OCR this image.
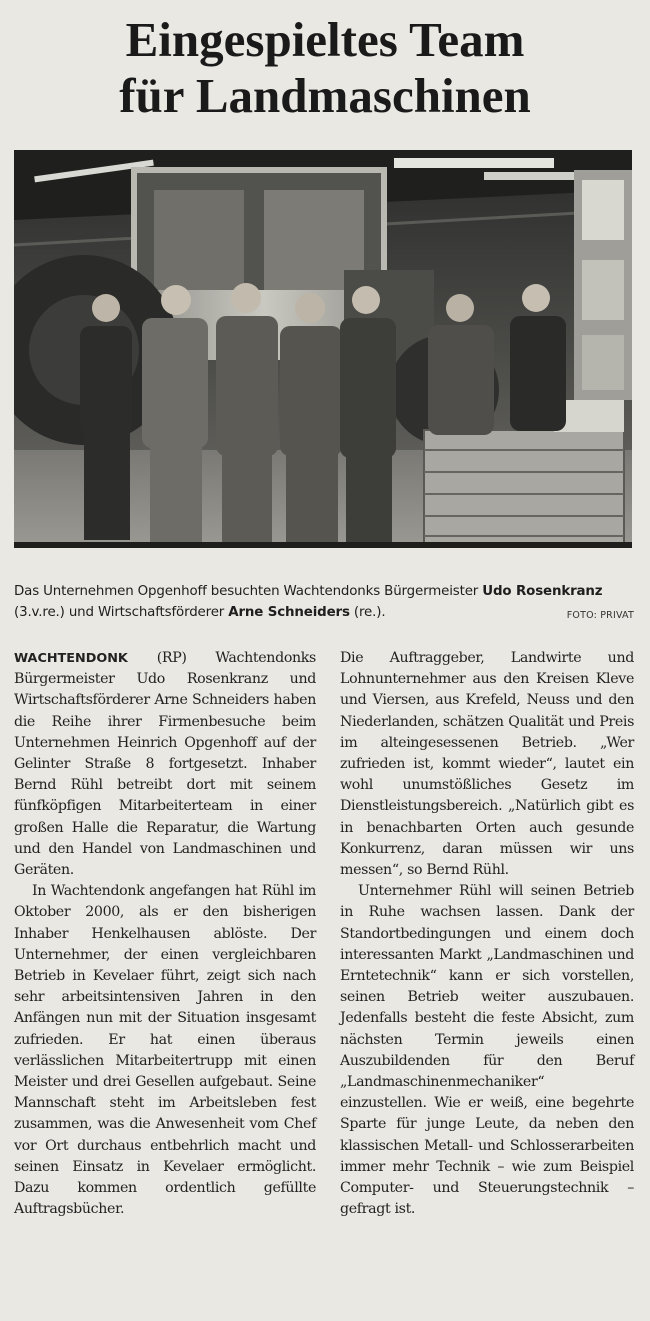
Eingespieltes Team
für Landmaschinen
Das Unternehmen Opgenhoff besuchten Wachtendonks Bürgermeister Udo Rosenkranz (3.v.re.) und Wirtschaftsförderer Arne Schneiders (re.).	FOTO: PRIVAT

WACHTENDONK (RP) Wachtendonks Bürgermeister Udo Rosenkranz und Wirtschaftsförderer Arne Schneiders haben die Reihe ihrer Firmenbesuche beim Unternehmen Heinrich Opgenhoff auf der Gelinter Straße 8 fortgesetzt. Inhaber Bernd Rühl betreibt dort mit seinem fünfköpfigen Mitarbeiterteam in einer großen Halle die Reparatur, die Wartung und den Handel von Landmaschinen und Geräten.

In Wachtendonk angefangen hat Rühl im Oktober 2000, als er den bisherigen Inhaber Henkelhausen ablöste. Der Unternehmer, der einen vergleichbaren Betrieb in Kevelaer führt, zeigt sich nach sehr arbeitsintensiven Jahren in den Anfängen nun mit der Situation insgesamt zufrieden. Er hat einen überaus verlässlichen Mitarbeitertrupp mit einen Meister und drei Gesellen aufgebaut. Seine Mannschaft steht im Arbeitsleben fest zusammen, was die Anwesenheit vom Chef vor Ort durchaus entbehrlich macht und seinen Einsatz in Kevelaer ermöglicht. Dazu kommen ordentlich gefüllte Auftragsbücher.

Die Auftraggeber, Landwirte und Lohnunternehmer aus den Kreisen Kleve und Viersen, aus Krefeld, Neuss und den Niederlanden, schätzen Qualität und Preis im alteingesessenen Betrieb. „Wer zufrieden ist, kommt wieder“, lautet ein wohl unumstößliches Gesetz im Dienstleistungsbereich. „Natürlich gibt es in benachbarten Orten auch gesunde Konkurrenz, daran müssen wir uns messen“, so Bernd Rühl.

Unternehmer Rühl will seinen Betrieb in Ruhe wachsen lassen. Dank der Standortbedingungen und einem doch interessanten Markt „Landmaschinen und Erntetechnik“ kann er sich vorstellen, seinen Betrieb weiter auszubauen. Jedenfalls besteht die feste Absicht, zum nächsten Termin jeweils einen Auszubildenden für den Beruf „Landmaschinenmechaniker“ einzustellen. Wie er weiß, eine begehrte Sparte für junge Leute, da neben den klassischen Metall- und Schlosserarbeiten immer mehr Technik – wie zum Beispiel Computer- und Steuerungstechnik – gefragt ist.
